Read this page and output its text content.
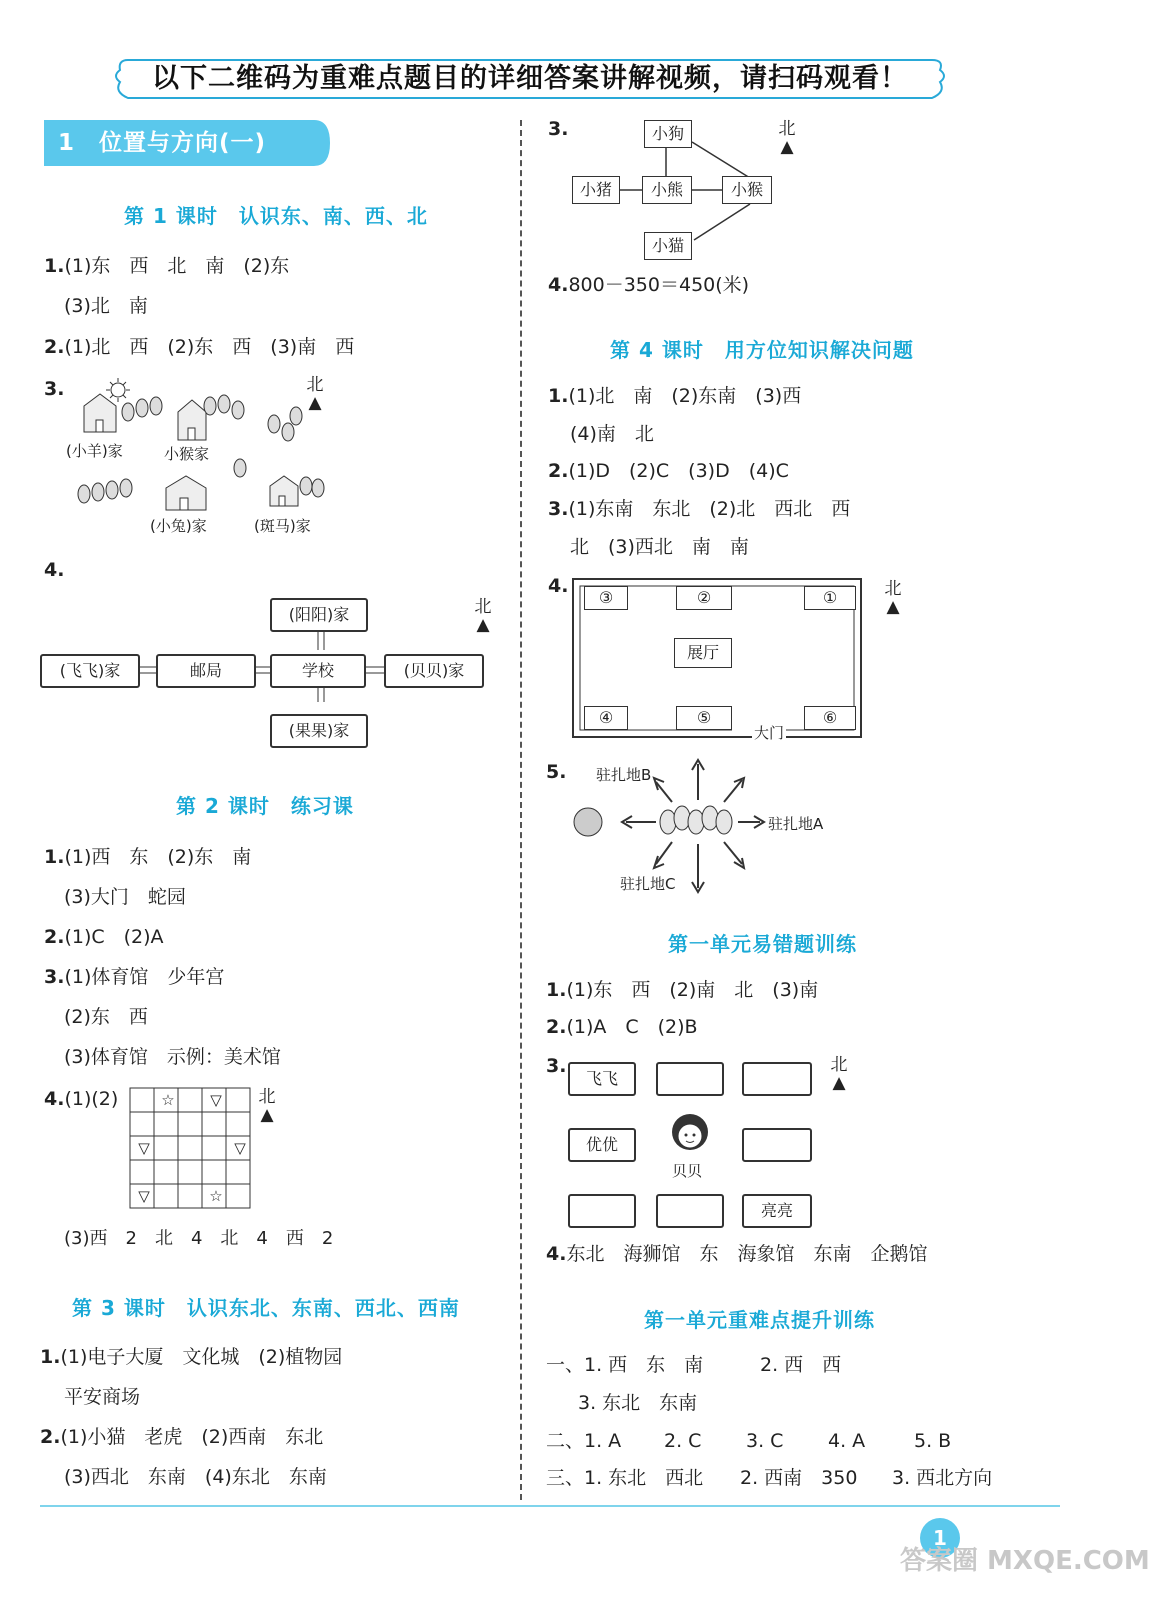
以下二维码为重难点题目的详细答案讲解视频，请扫码观看！
1　位置与方向(一)
第 1 课时　认识东、南、西、北
1.(1)东　西　北　南　(2)东
(3)北　南
2.(1)北　西　(2)东　西　(3)南　西
3.	北
▲
(小羊)家	小猴家
(小兔)家	(斑马)家
4.
(阳阳)家
(飞飞)家	邮局	学校	(贝贝)家
(果果)家
北
▲
第 2 课时　练习课
1.(1)西　东　(2)东　南
(3)大门　蛇园
2.(1)C　(2)A
3.(1)体育馆　少年宫
(2)东　西
(3)体育馆　示例：美术馆
4.(1)(2)	北
▲
☆	▽
▽	▽
▽	☆
(3)西　2　北　4　北　4　西　2
第 3 课时　认识东北、东南、西北、西南
1.(1)电子大厦　文化城　(2)植物园
平安商场
2.(1)小猫　老虎　(2)西南　东北
(3)西北　东南　(4)东北　东南
3.	小狗
小猪	小熊	小猴
小猫
北
▲
4.800－350＝450(米)
第 4 课时　用方位知识解决问题
1.(1)北　南　(2)东南　(3)西
(4)南　北
2.(1)D　(2)C　(3)D　(4)C
3.(1)东南　东北　(2)北　西北　西
北　(3)西北　南　南
4.
③	②	①
展厅
④	⑤	⑥
大门
北
▲
5. 驻扎地B
驻扎地A
驻扎地C
第一单元易错题训练
1.(1)东　西　(2)南　北　(3)南
2.(1)A　C　(2)B
3.
飞飞
优优
贝贝
亮亮
北
▲
4.东北　海狮馆　东　海象馆　东南　企鹅馆
第一单元重难点提升训练
一、1. 西　东　南	2. 西　西
3. 东北　东南
二、1. A 2. C 3. C 4. A	5. B
三、1. 东北　西北 2. 西南　350 3. 西北方向
1
答案圈 MXQE.COM
